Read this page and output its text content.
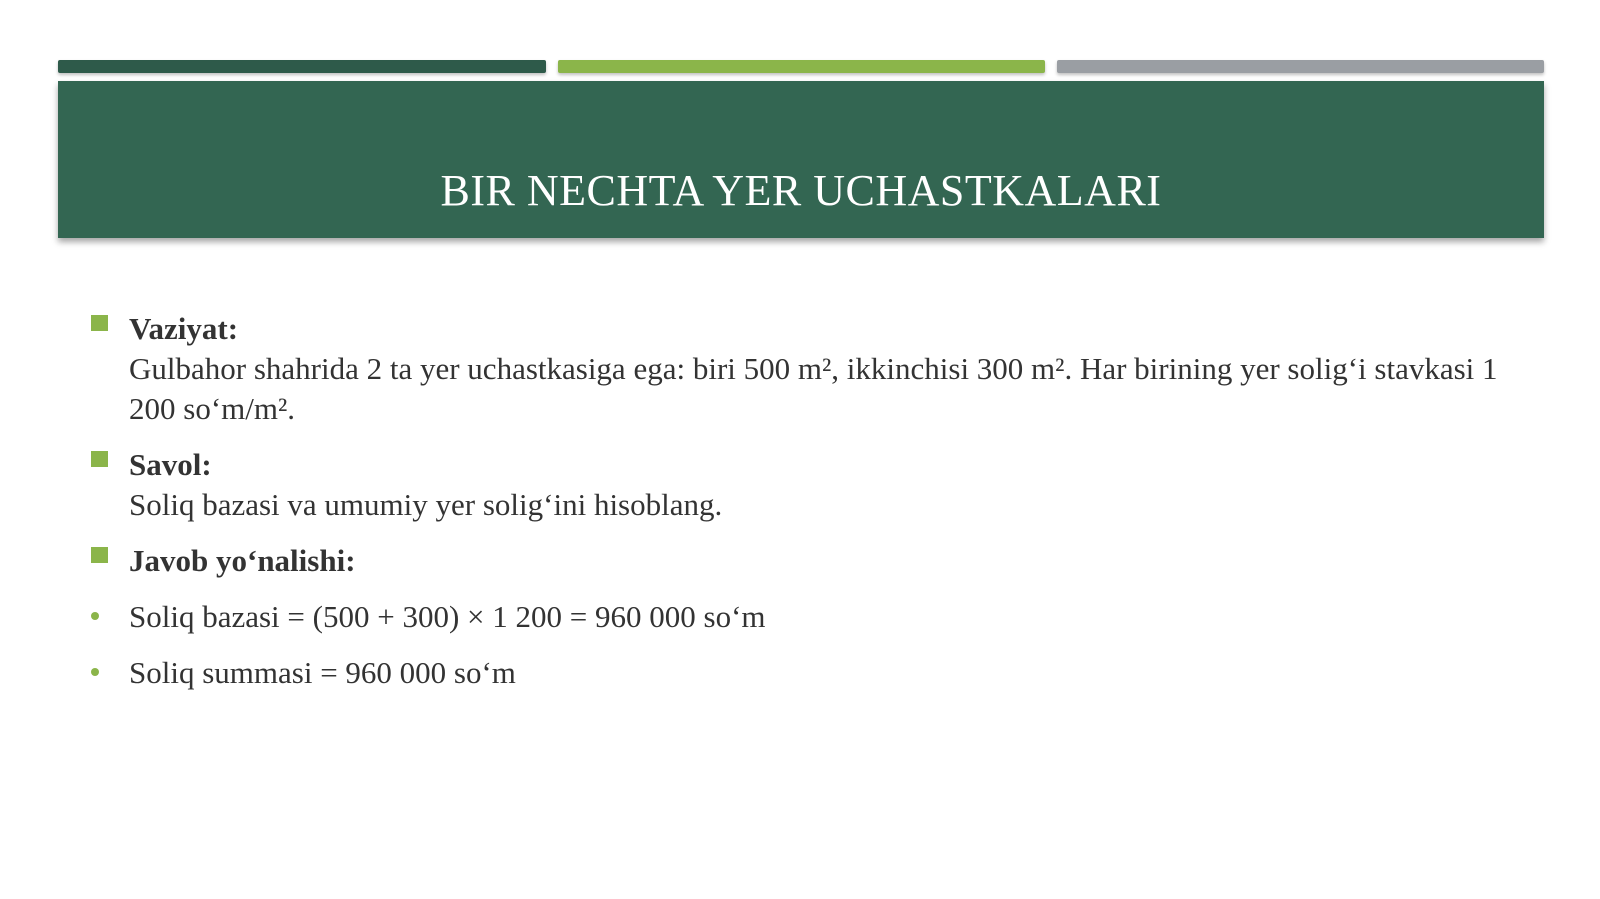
BIR NECHTA YER UCHASTKALARI
Vaziyat:
Gulbahor shahrida 2 ta yer uchastkasiga ega: biri 500 m², ikkinchisi 300 m². Har birining yer solig‘i stavkasi 1 200 so‘m/m².
Savol:
Soliq bazasi va umumiy yer solig‘ini hisoblang.
Javob yo‘nalishi:
Soliq bazasi = (500 + 300) × 1 200 = 960 000 so‘m
Soliq summasi = 960 000 so‘m
